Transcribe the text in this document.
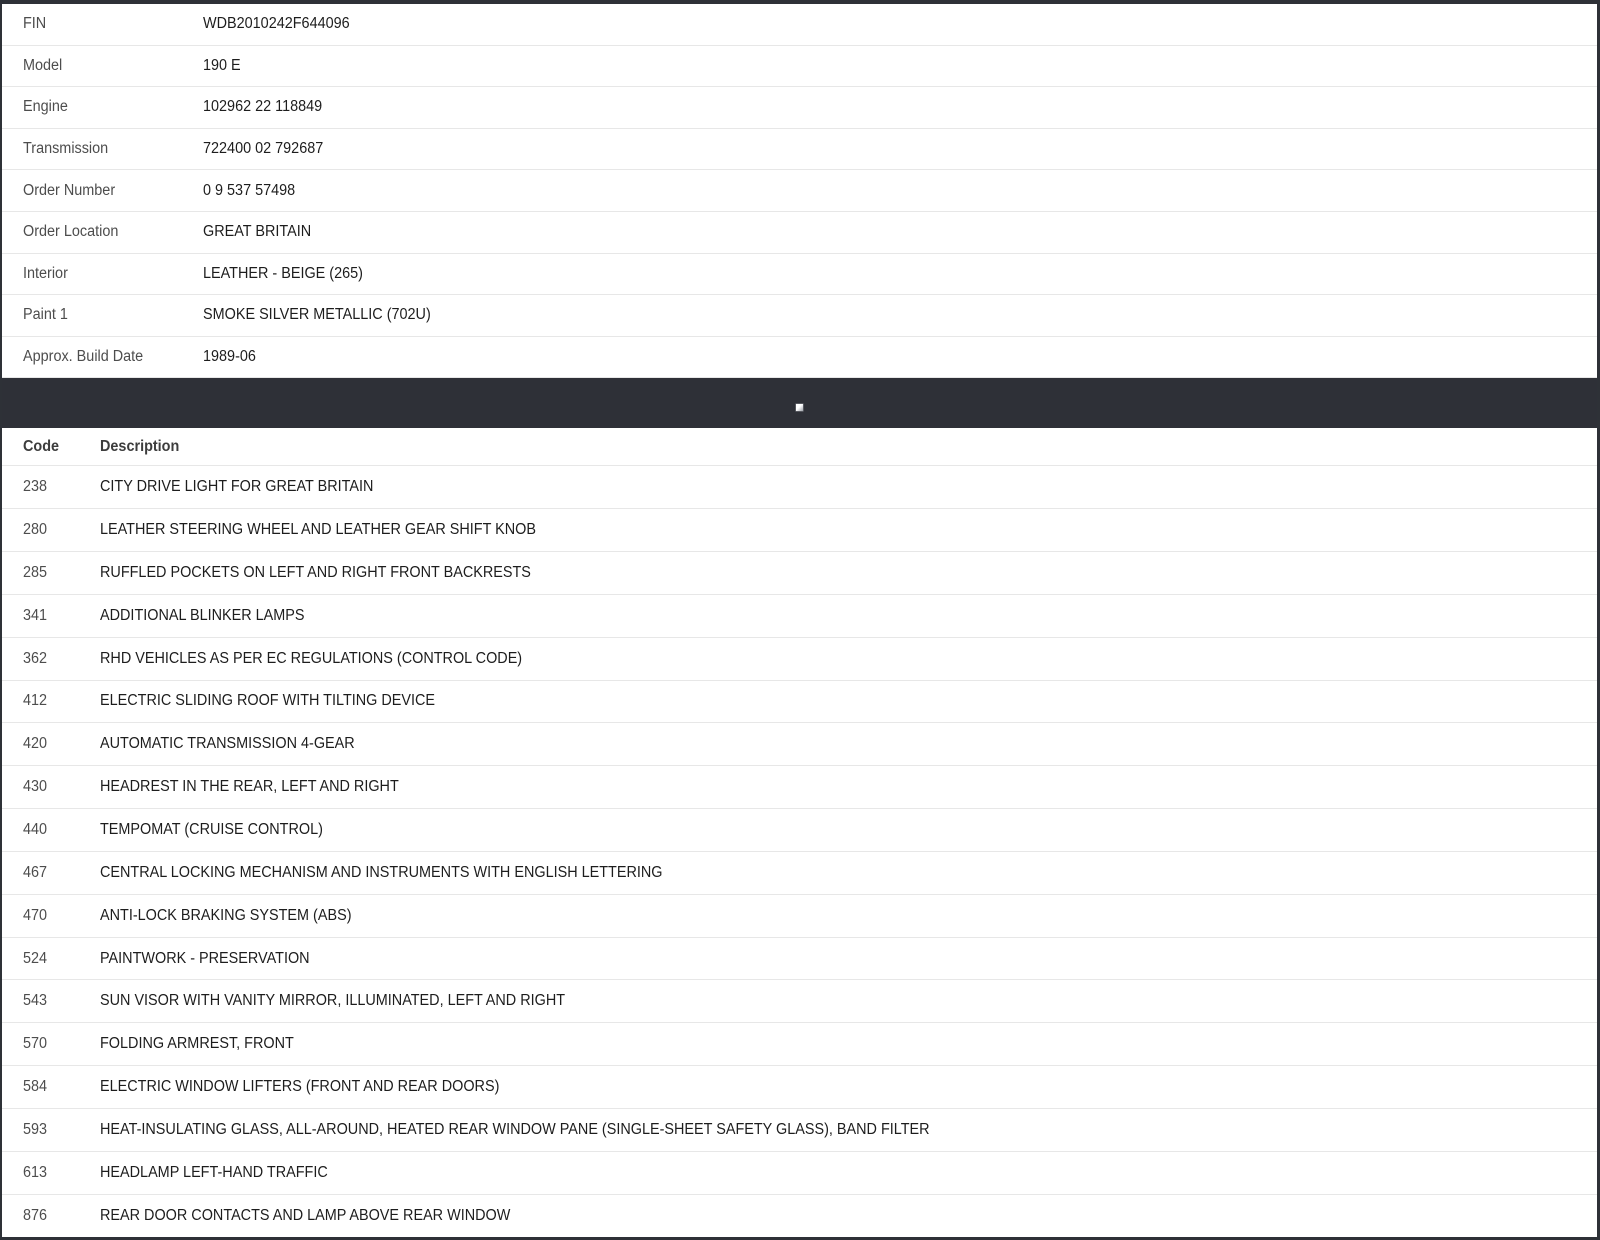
FIN	WDB2010242F644096
Model	190 E
Engine	102962 22 118849
Transmission	722400 02 792687
Order Number	0 9 537 57498
Order Location	GREAT BRITAIN
Interior	LEATHER - BEIGE (265)
Paint 1	SMOKE SILVER METALLIC (702U)
Approx. Build Date	1989-06
Code	Description
238	CITY DRIVE LIGHT FOR GREAT BRITAIN
280	LEATHER STEERING WHEEL AND LEATHER GEAR SHIFT KNOB
285	RUFFLED POCKETS ON LEFT AND RIGHT FRONT BACKRESTS
341	ADDITIONAL BLINKER LAMPS
362	RHD VEHICLES AS PER EC REGULATIONS (CONTROL CODE)
412	ELECTRIC SLIDING ROOF WITH TILTING DEVICE
420	AUTOMATIC TRANSMISSION 4-GEAR
430	HEADREST IN THE REAR, LEFT AND RIGHT
440	TEMPOMAT (CRUISE CONTROL)
467	CENTRAL LOCKING MECHANISM AND INSTRUMENTS WITH ENGLISH LETTERING
470	ANTI-LOCK BRAKING SYSTEM (ABS)
524	PAINTWORK - PRESERVATION
543	SUN VISOR WITH VANITY MIRROR, ILLUMINATED, LEFT AND RIGHT
570	FOLDING ARMREST, FRONT
584	ELECTRIC WINDOW LIFTERS (FRONT AND REAR DOORS)
593	HEAT-INSULATING GLASS, ALL-AROUND, HEATED REAR WINDOW PANE (SINGLE-SHEET SAFETY GLASS), BAND FILTER
613	HEADLAMP LEFT-HAND TRAFFIC
876	REAR DOOR CONTACTS AND LAMP ABOVE REAR WINDOW
